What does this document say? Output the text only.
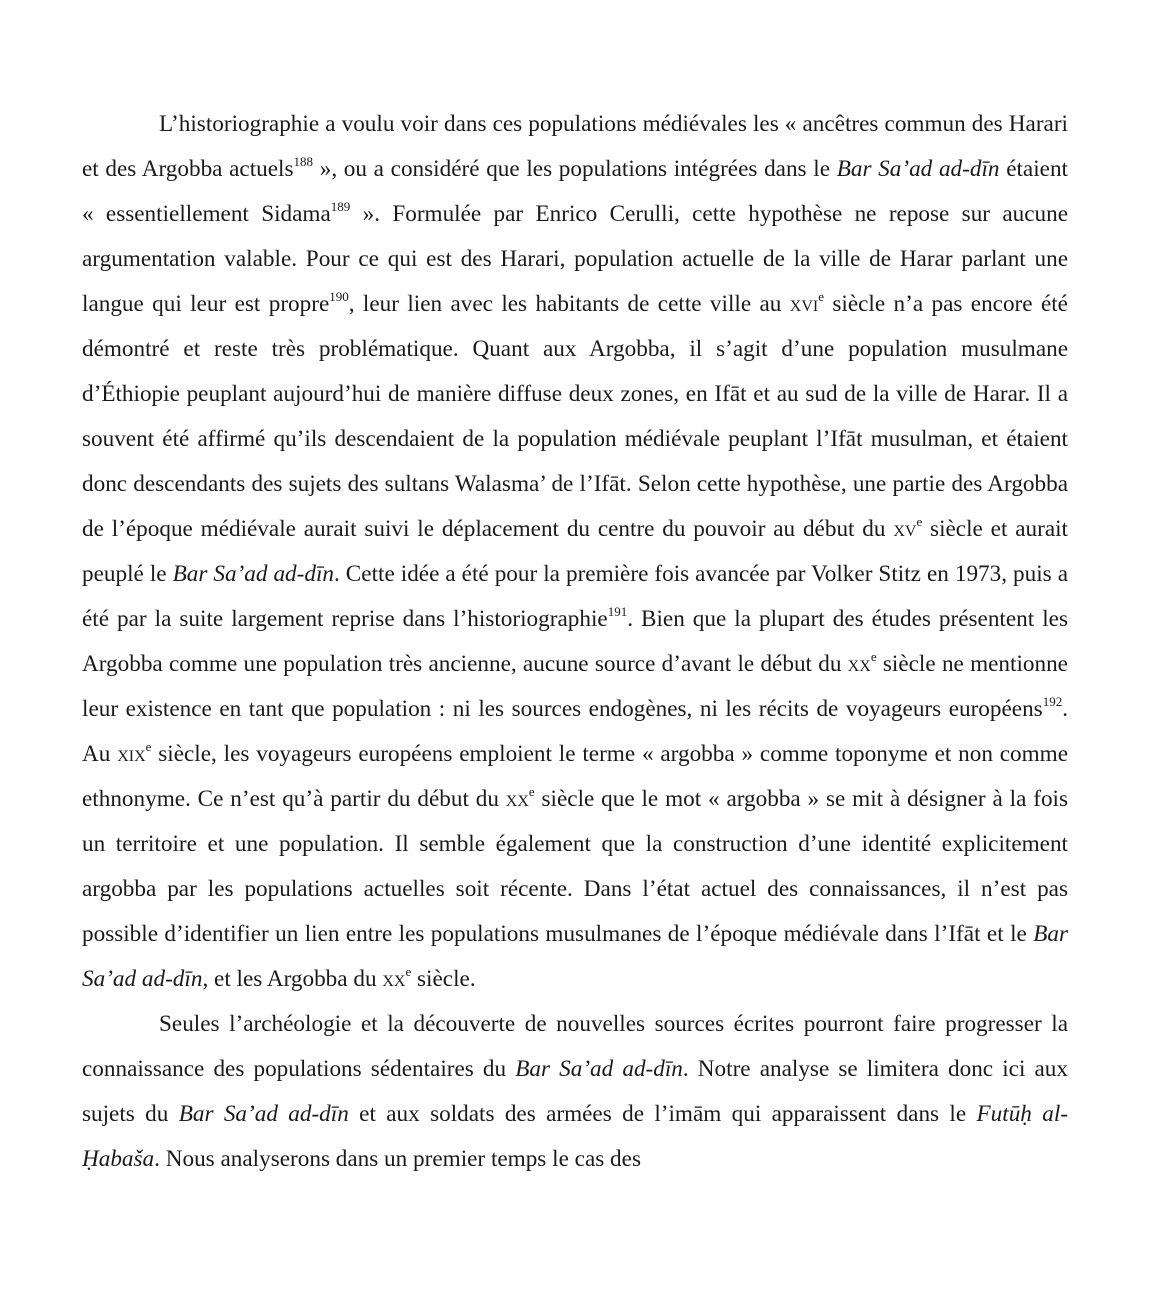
L’historiographie a voulu voir dans ces populations médiévales les « ancêtres commun des Harari et des Argobba actuels$^{188}$ », ou a considéré que les populations intégrées dans le Bar Sa’ad ad-dīn étaient « essentiellement Sidama$^{189}$ ». Formulée par Enrico Cerulli, cette hypothèse ne repose sur aucune argumentation valable. Pour ce qui est des Harari, population actuelle de la ville de Harar parlant une langue qui leur est propre$^{190}$, leur lien avec les habitants de cette ville au xvi$^e$ siècle n’a pas encore été démontré et reste très problématique. Quant aux Argobba, il s’agit d’une population musulmane d’Éthiopie peuplant aujourd’hui de manière diffuse deux zones, en Ifāt et au sud de la ville de Harar. Il a souvent été affirmé qu’ils descendaient de la population médiévale peuplant l’Ifāt musulman, et étaient donc descendants des sujets des sultans Walasma’ de l’Ifāt. Selon cette hypothèse, une partie des Argobba de l’époque médiévale aurait suivi le déplacement du centre du pouvoir au début du $xv^e$ siècle et aurait peuplé le Bar Sa’ad ad-dīn. Cette idée a été pour la première fois avancée par Volker Stitz en 1973, puis a été par la suite largement reprise dans l’historiographie$^{191}$. Bien que la plupart des études présentent les Argobba comme une population très ancienne, aucune source d’avant le début du $xx^e$ siècle ne mentionne leur existence en tant que population : ni les sources endogènes, ni les récits de voyageurs européens$^{192}$. Au xix$^e$ siècle, les voyageurs européens emploient le terme « argobba » comme toponyme et non comme ethnonyme. Ce n’est qu’à partir du début du $xx^e$ siècle que le mot « argobba » se mit à désigner à la fois un territoire et une population. Il semble également que la construction d’une identité explicitement argobba par les populations actuelles soit récente. Dans l’état actuel des connaissances, il n’est pas possible d’identifier un lien entre les populations musulmanes de l’époque médiévale dans l’Ifāt et le Bar Sa’ad ad-dīn, et les Argobba du $xx^e$ siècle.

Seules l’archéologie et la découverte de nouvelles sources écrites pourront faire progresser la connaissance des populations sédentaires du Bar Sa’ad ad-dīn. Notre analyse se limitera donc ici aux sujets du Bar Sa’ad ad-dīn et aux soldats des armées de l’imām qui apparaissent dans le Futūḥ al-Ḥabaša. Nous analyserons dans un premier temps le cas des
